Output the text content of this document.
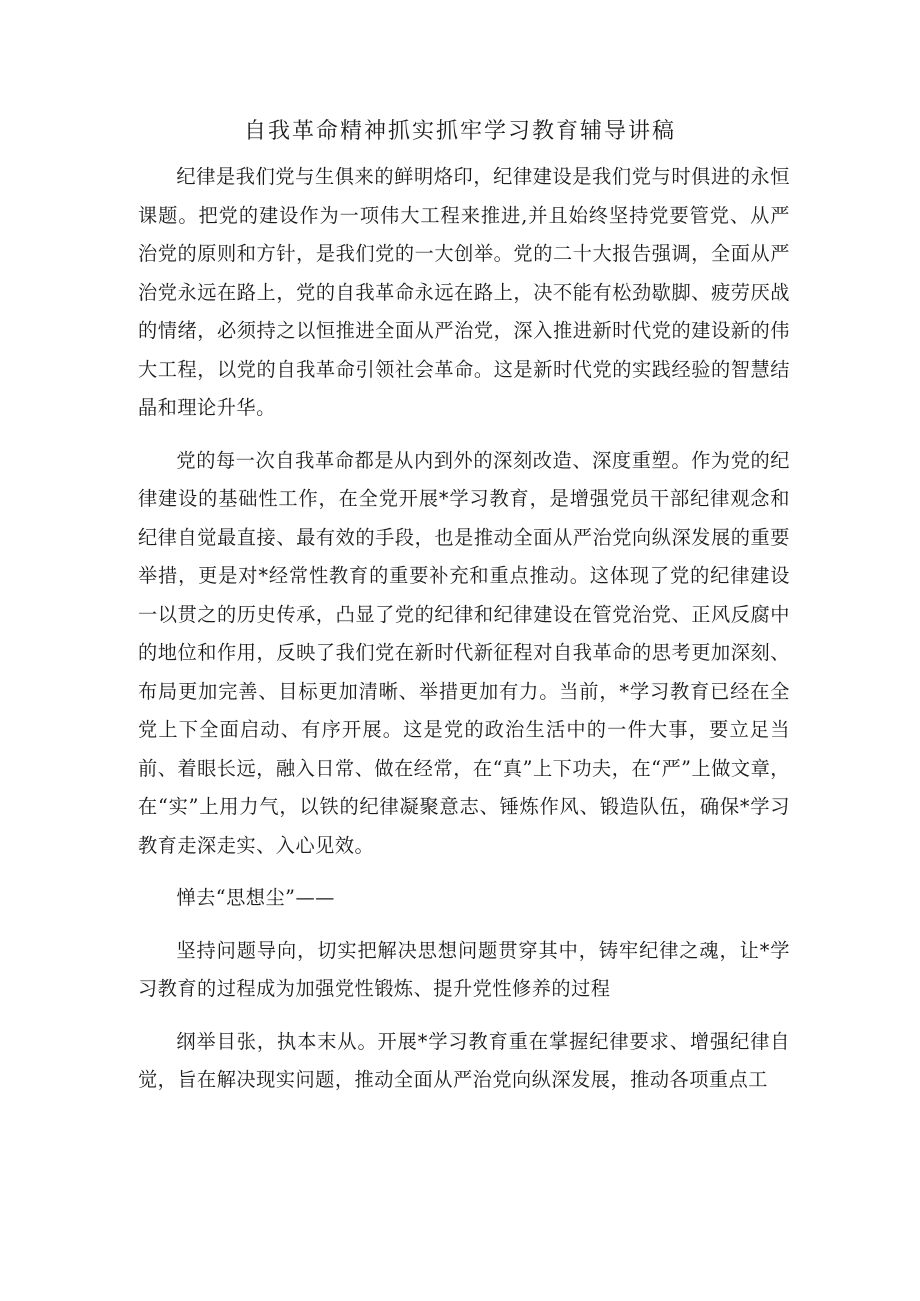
自我革命精神抓实抓牢学习教育辅导讲稿

纪律是我们党与生俱来的鲜明烙印，纪律建设是我们党与时俱进的永恒课题。把党的建设作为一项伟大工程来推进,并且始终坚持党要管党、从严治党的原则和方针，是我们党的一大创举。党的二十大报告强调，全面从严治党永远在路上，党的自我革命永远在路上，决不能有松劲歇脚、疲劳厌战的情绪，必须持之以恒推进全面从严治党，深入推进新时代党的建设新的伟大工程，以党的自我革命引领社会革命。这是新时代党的实践经验的智慧结晶和理论升华。

党的每一次自我革命都是从内到外的深刻改造、深度重塑。作为党的纪律建设的基础性工作，在全党开展*学习教育，是增强党员干部纪律观念和纪律自觉最直接、最有效的手段，也是推动全面从严治党向纵深发展的重要举措，更是对*经常性教育的重要补充和重点推动。这体现了党的纪律建设一以贯之的历史传承，凸显了党的纪律和纪律建设在管党治党、正风反腐中的地位和作用，反映了我们党在新时代新征程对自我革命的思考更加深刻、布局更加完善、目标更加清晰、举措更加有力。当前，*学习教育已经在全党上下全面启动、有序开展。这是党的政治生活中的一件大事，要立足当前、着眼长远，融入日常、做在经常，在“真”上下功夫，在“严”上做文章，在“实”上用力气，以铁的纪律凝聚意志、锤炼作风、锻造队伍，确保*学习教育走深走实、入心见效。

惮去“思想尘”——

坚持问题导向，切实把解决思想问题贯穿其中，铸牢纪律之魂，让*学习教育的过程成为加强党性锻炼、提升党性修养的过程

纲举目张，执本末从。开展*学习教育重在掌握纪律要求、增强纪律自觉，旨在解决现实问题，推动全面从严治党向纵深发展，推动各项重点工
